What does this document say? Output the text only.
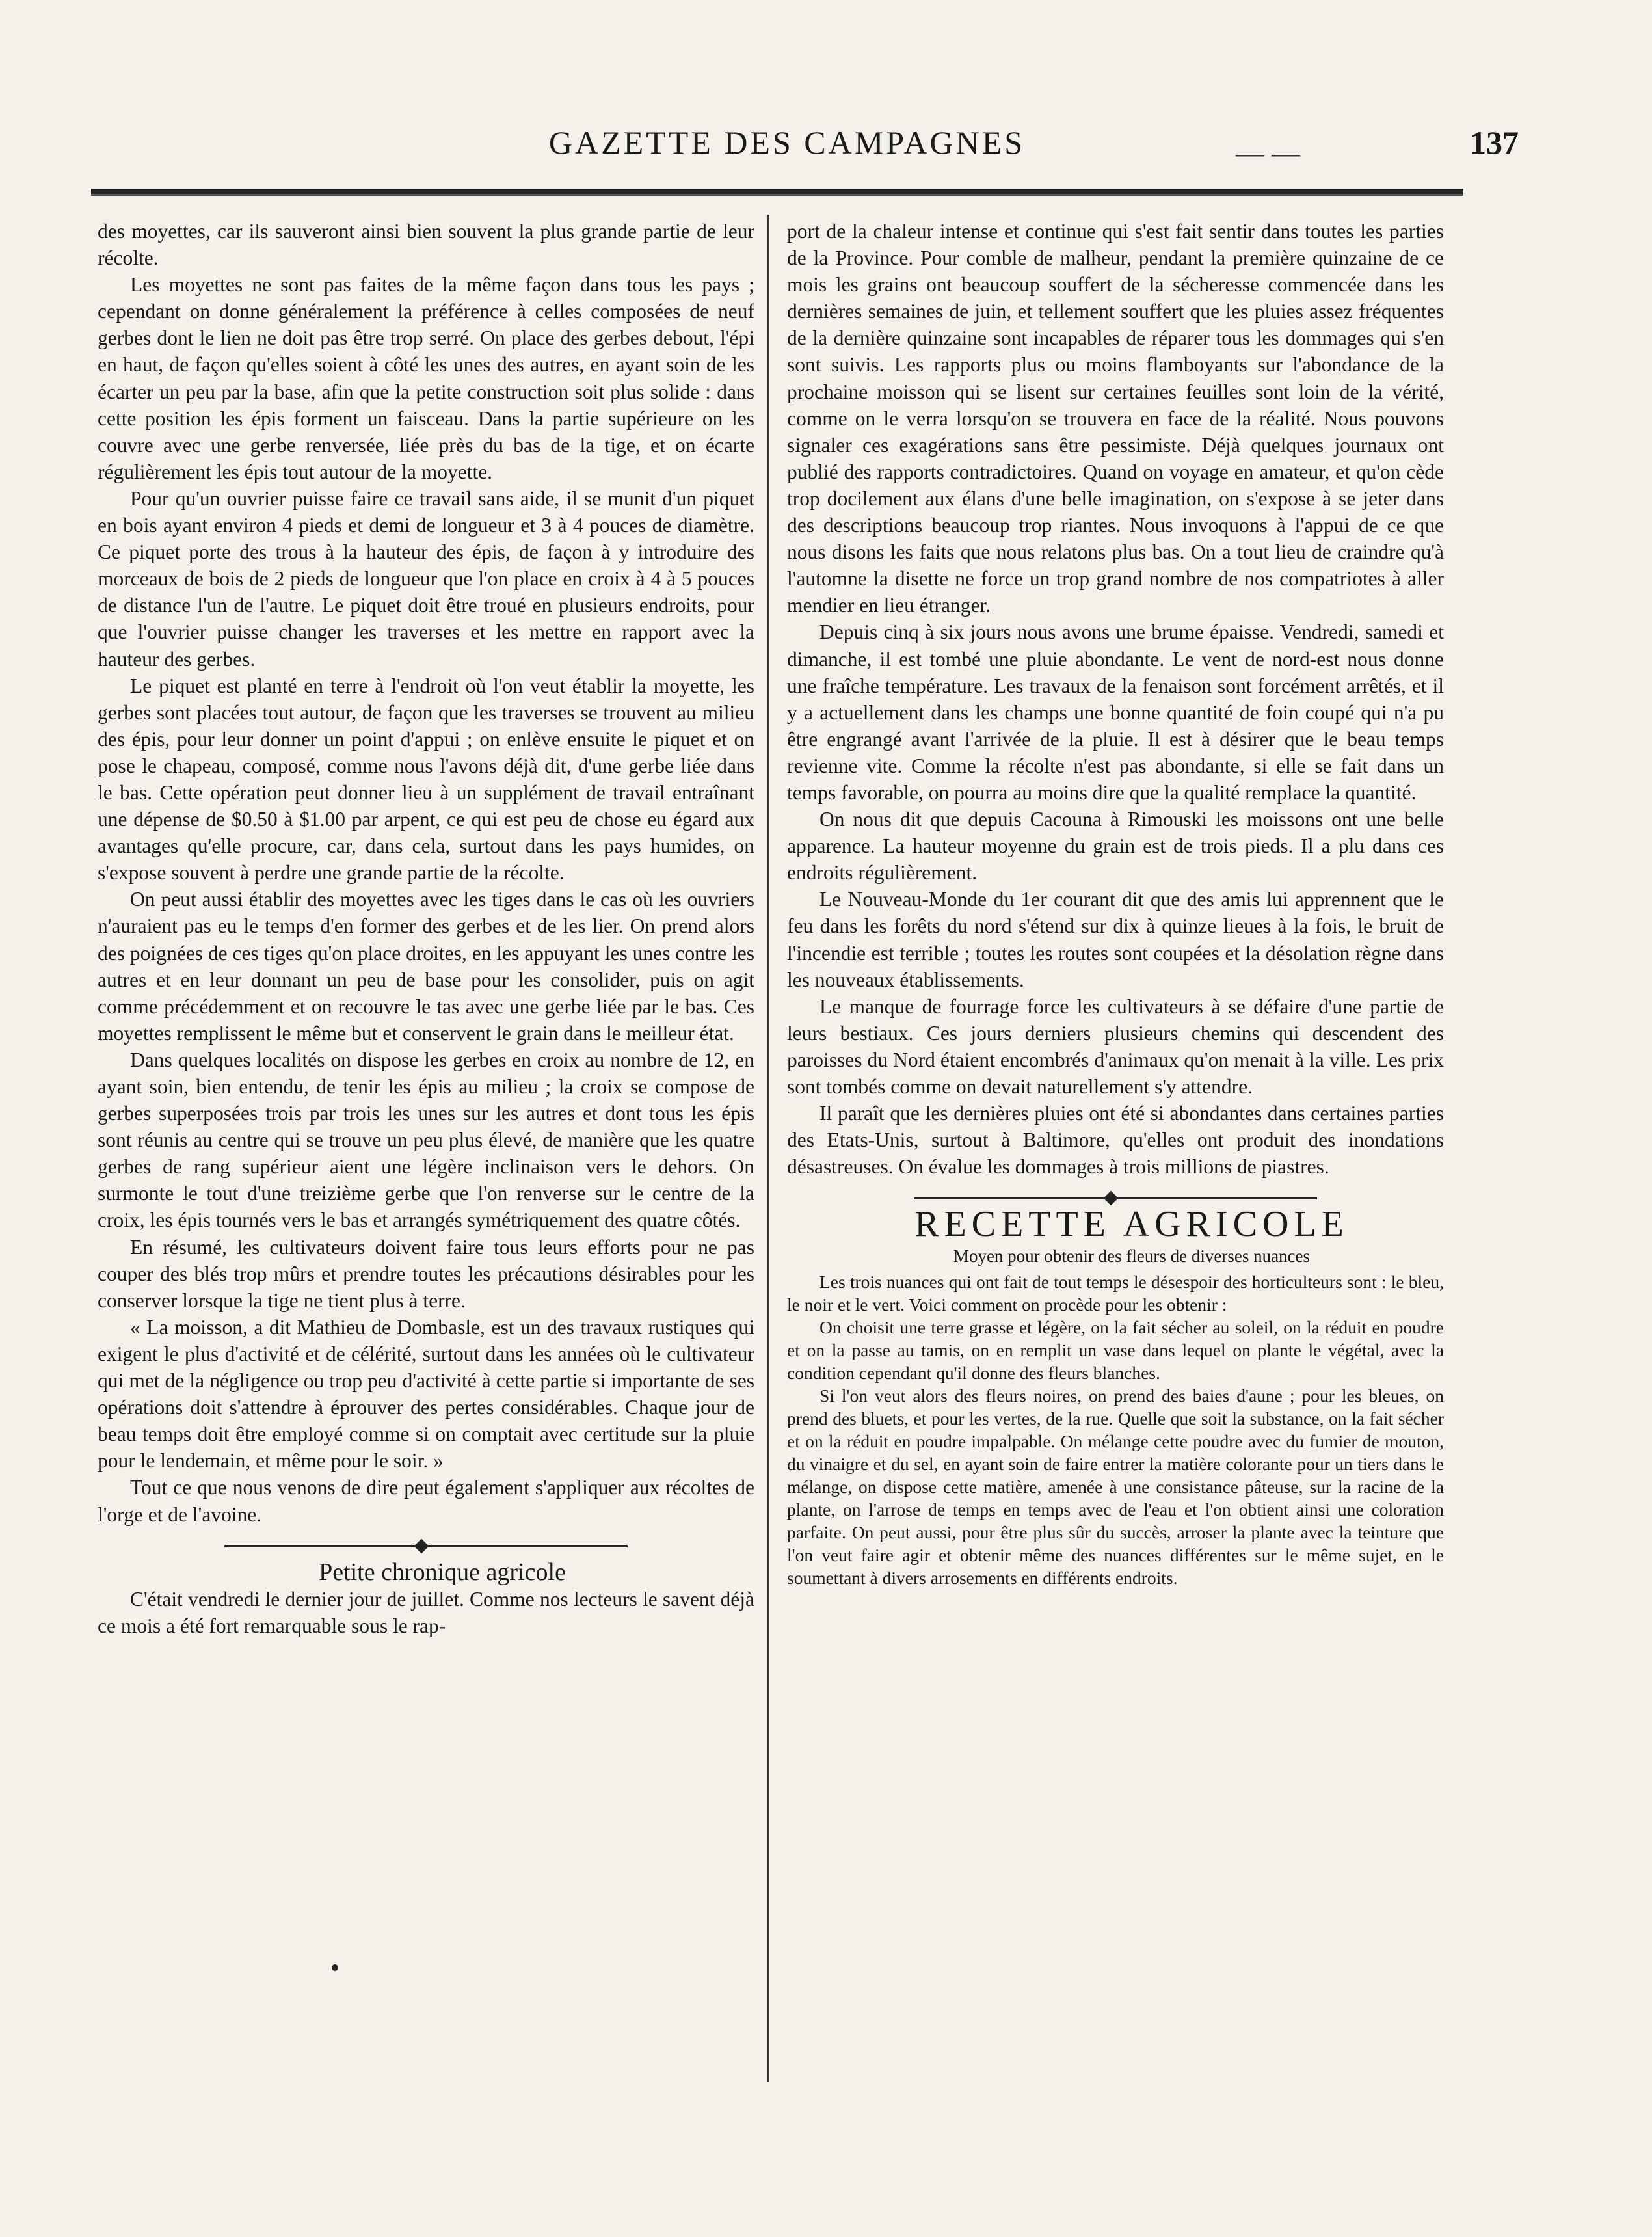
GAZETTE DES CAMPAGNES	— —	137

des moyettes, car ils sauveront ainsi bien souvent la plus grande partie de leur récolte.

Les moyettes ne sont pas faites de la même façon dans tous les pays ; cependant on donne généralement la préférence à celles composées de neuf gerbes dont le lien ne doit pas être trop serré. On place des gerbes debout, l'épi en haut, de façon qu'elles soient à côté les unes des autres, en ayant soin de les écarter un peu par la base, afin que la petite construction soit plus solide : dans cette position les épis forment un faisceau. Dans la partie supérieure on les couvre avec une gerbe renversée, liée près du bas de la tige, et on écarte régulièrement les épis tout autour de la moyette.

Pour qu'un ouvrier puisse faire ce travail sans aide, il se munit d'un piquet en bois ayant environ 4 pieds et demi de longueur et 3 à 4 pouces de diamètre. Ce piquet porte des trous à la hauteur des épis, de façon à y introduire des morceaux de bois de 2 pieds de longueur que l'on place en croix à 4 à 5 pouces de distance l'un de l'autre. Le piquet doit être troué en plusieurs endroits, pour que l'ouvrier puisse changer les traverses et les mettre en rapport avec la hauteur des gerbes.

Le piquet est planté en terre à l'endroit où l'on veut établir la moyette, les gerbes sont placées tout autour, de façon que les traverses se trouvent au milieu des épis, pour leur donner un point d'appui ; on enlève ensuite le piquet et on pose le chapeau, composé, comme nous l'avons déjà dit, d'une gerbe liée dans le bas. Cette opération peut donner lieu à un supplément de travail entraînant une dépense de $0.50 à $1.00 par arpent, ce qui est peu de chose eu égard aux avantages qu'elle procure, car, dans cela, surtout dans les pays humides, on s'expose souvent à perdre une grande partie de la récolte.

On peut aussi établir des moyettes avec les tiges dans le cas où les ouvriers n'auraient pas eu le temps d'en former des gerbes et de les lier. On prend alors des poignées de ces tiges qu'on place droites, en les appuyant les unes contre les autres et en leur donnant un peu de base pour les consolider, puis on agit comme précédemment et on recouvre le tas avec une gerbe liée par le bas. Ces moyettes remplissent le même but et conservent le grain dans le meilleur état.

Dans quelques localités on dispose les gerbes en croix au nombre de 12, en ayant soin, bien entendu, de tenir les épis au milieu ; la croix se compose de gerbes superposées trois par trois les unes sur les autres et dont tous les épis sont réunis au centre qui se trouve un peu plus élevé, de manière que les quatre gerbes de rang supérieur aient une légère inclinaison vers le dehors. On surmonte le tout d'une treizième gerbe que l'on renverse sur le centre de la croix, les épis tournés vers le bas et arrangés symétriquement des quatre côtés.

En résumé, les cultivateurs doivent faire tous leurs efforts pour ne pas couper des blés trop mûrs et prendre toutes les précautions désirables pour les conserver lorsque la tige ne tient plus à terre.

« La moisson, a dit Mathieu de Dombasle, est un des travaux rustiques qui exigent le plus d'activité et de célérité, surtout dans les années où le cultivateur qui met de la négligence ou trop peu d'activité à cette partie si importante de ses opérations doit s'attendre à éprouver des pertes considérables. Chaque jour de beau temps doit être employé comme si on comptait avec certitude sur la pluie pour le lendemain, et même pour le soir. »

Tout ce que nous venons de dire peut également s'appliquer aux récoltes de l'orge et de l'avoine.

Petite chronique agricole

C'était vendredi le dernier jour de juillet. Comme nos lecteurs le savent déjà ce mois a été fort remarquable sous le rap-

port de la chaleur intense et continue qui s'est fait sentir dans toutes les parties de la Province. Pour comble de malheur, pendant la première quinzaine de ce mois les grains ont beaucoup souffert de la sécheresse commencée dans les dernières semaines de juin, et tellement souffert que les pluies assez fréquentes de la dernière quinzaine sont incapables de réparer tous les dommages qui s'en sont suivis. Les rapports plus ou moins flamboyants sur l'abondance de la prochaine moisson qui se lisent sur certaines feuilles sont loin de la vérité, comme on le verra lorsqu'on se trouvera en face de la réalité. Nous pouvons signaler ces exagérations sans être pessimiste. Déjà quelques journaux ont publié des rapports contradictoires. Quand on voyage en amateur, et qu'on cède trop docilement aux élans d'une belle imagination, on s'expose à se jeter dans des descriptions beaucoup trop riantes. Nous invoquons à l'appui de ce que nous disons les faits que nous relatons plus bas. On a tout lieu de craindre qu'à l'automne la disette ne force un trop grand nombre de nos compatriotes à aller mendier en lieu étranger.

Depuis cinq à six jours nous avons une brume épaisse. Vendredi, samedi et dimanche, il est tombé une pluie abondante. Le vent de nord-est nous donne une fraîche température. Les travaux de la fenaison sont forcément arrêtés, et il y a actuellement dans les champs une bonne quantité de foin coupé qui n'a pu être engrangé avant l'arrivée de la pluie. Il est à désirer que le beau temps revienne vite. Comme la récolte n'est pas abondante, si elle se fait dans un temps favorable, on pourra au moins dire que la qualité remplace la quantité.

On nous dit que depuis Cacouna à Rimouski les moissons ont une belle apparence. La hauteur moyenne du grain est de trois pieds. Il a plu dans ces endroits régulièrement.

Le Nouveau-Monde du 1er courant dit que des amis lui apprennent que le feu dans les forêts du nord s'étend sur dix à quinze lieues à la fois, le bruit de l'incendie est terrible ; toutes les routes sont coupées et la désolation règne dans les nouveaux établissements.

Le manque de fourrage force les cultivateurs à se défaire d'une partie de leurs bestiaux. Ces jours derniers plusieurs chemins qui descendent des paroisses du Nord étaient encombrés d'animaux qu'on menait à la ville. Les prix sont tombés comme on devait naturellement s'y attendre.

Il paraît que les dernières pluies ont été si abondantes dans certaines parties des Etats-Unis, surtout à Baltimore, qu'elles ont produit des inondations désastreuses. On évalue les dommages à trois millions de piastres.

RECETTE AGRICOLE

Moyen pour obtenir des fleurs de diverses nuances

Les trois nuances qui ont fait de tout temps le désespoir des horticulteurs sont : le bleu, le noir et le vert. Voici comment on procède pour les obtenir :

On choisit une terre grasse et légère, on la fait sécher au soleil, on la réduit en poudre et on la passe au tamis, on en remplit un vase dans lequel on plante le végétal, avec la condition cependant qu'il donne des fleurs blanches.

Si l'on veut alors des fleurs noires, on prend des baies d'aune ; pour les bleues, on prend des bluets, et pour les vertes, de la rue. Quelle que soit la substance, on la fait sécher et on la réduit en poudre impalpable. On mélange cette poudre avec du fumier de mouton, du vinaigre et du sel, en ayant soin de faire entrer la matière colorante pour un tiers dans le mélange, on dispose cette matière, amenée à une consistance pâteuse, sur la racine de la plante, on l'arrose de temps en temps avec de l'eau et l'on obtient ainsi une coloration parfaite. On peut aussi, pour être plus sûr du succès, arroser la plante avec la teinture que l'on veut faire agir et obtenir même des nuances différentes sur le même sujet, en le soumettant à divers arrosements en différents endroits.
